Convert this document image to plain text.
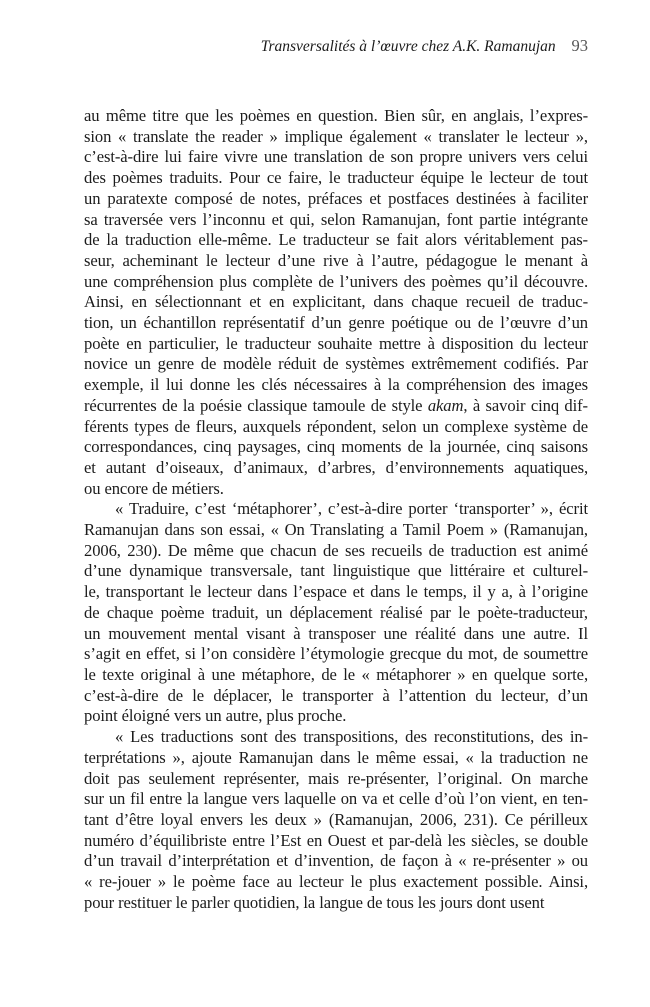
Transversalités à l’œuvre chez A.K. Ramanujan 93
au même titre que les poèmes en question. Bien sûr, en anglais, l’expres-
sion « translate the reader » implique également « translater le lecteur »,
c’est-à-dire lui faire vivre une translation de son propre univers vers celui
des poèmes traduits. Pour ce faire, le traducteur équipe le lecteur de tout
un paratexte composé de notes, préfaces et postfaces destinées à faciliter
sa traversée vers l’inconnu et qui, selon Ramanujan, font partie intégrante
de la traduction elle-même. Le traducteur se fait alors véritablement pas-
seur, acheminant le lecteur d’une rive à l’autre, pédagogue le menant à
une compréhension plus complète de l’univers des poèmes qu’il découvre.
Ainsi, en sélectionnant et en explicitant, dans chaque recueil de traduc-
tion, un échantillon représentatif d’un genre poétique ou de l’œuvre d’un
poète en particulier, le traducteur souhaite mettre à disposition du lecteur
novice un genre de modèle réduit de systèmes extrêmement codifiés. Par
exemple, il lui donne les clés nécessaires à la compréhension des images
récurrentes de la poésie classique tamoule de style akam, à savoir cinq dif-
férents types de fleurs, auxquels répondent, selon un complexe système de
correspondances, cinq paysages, cinq moments de la journée, cinq saisons
et autant d’oiseaux, d’animaux, d’arbres, d’environnements aquatiques,
ou encore de métiers.
« Traduire, c’est ‘métaphorer’, c’est-à-dire porter ‘transporter’ », écrit
Ramanujan dans son essai, « On Translating a Tamil Poem » (Ramanujan,
2006, 230). De même que chacun de ses recueils de traduction est animé
d’une dynamique transversale, tant linguistique que littéraire et culturel-
le, transportant le lecteur dans l’espace et dans le temps, il y a, à l’origine
de chaque poème traduit, un déplacement réalisé par le poète-traducteur,
un mouvement mental visant à transposer une réalité dans une autre. Il
s’agit en effet, si l’on considère l’étymologie grecque du mot, de soumettre
le texte original à une métaphore, de le « métaphorer » en quelque sorte,
c’est-à-dire de le déplacer, le transporter à l’attention du lecteur, d’un
point éloigné vers un autre, plus proche.
« Les traductions sont des transpositions, des reconstitutions, des in-
terprétations », ajoute Ramanujan dans le même essai, « la traduction ne
doit pas seulement représenter, mais re-présenter, l’original. On marche
sur un fil entre la langue vers laquelle on va et celle d’où l’on vient, en ten-
tant d’être loyal envers les deux » (Ramanujan, 2006, 231). Ce périlleux
numéro d’équilibriste entre l’Est en Ouest et par-delà les siècles, se double
d’un travail d’interprétation et d’invention, de façon à « re-présenter » ou
« re-jouer » le poème face au lecteur le plus exactement possible. Ainsi,
pour restituer le parler quotidien, la langue de tous les jours dont usent
